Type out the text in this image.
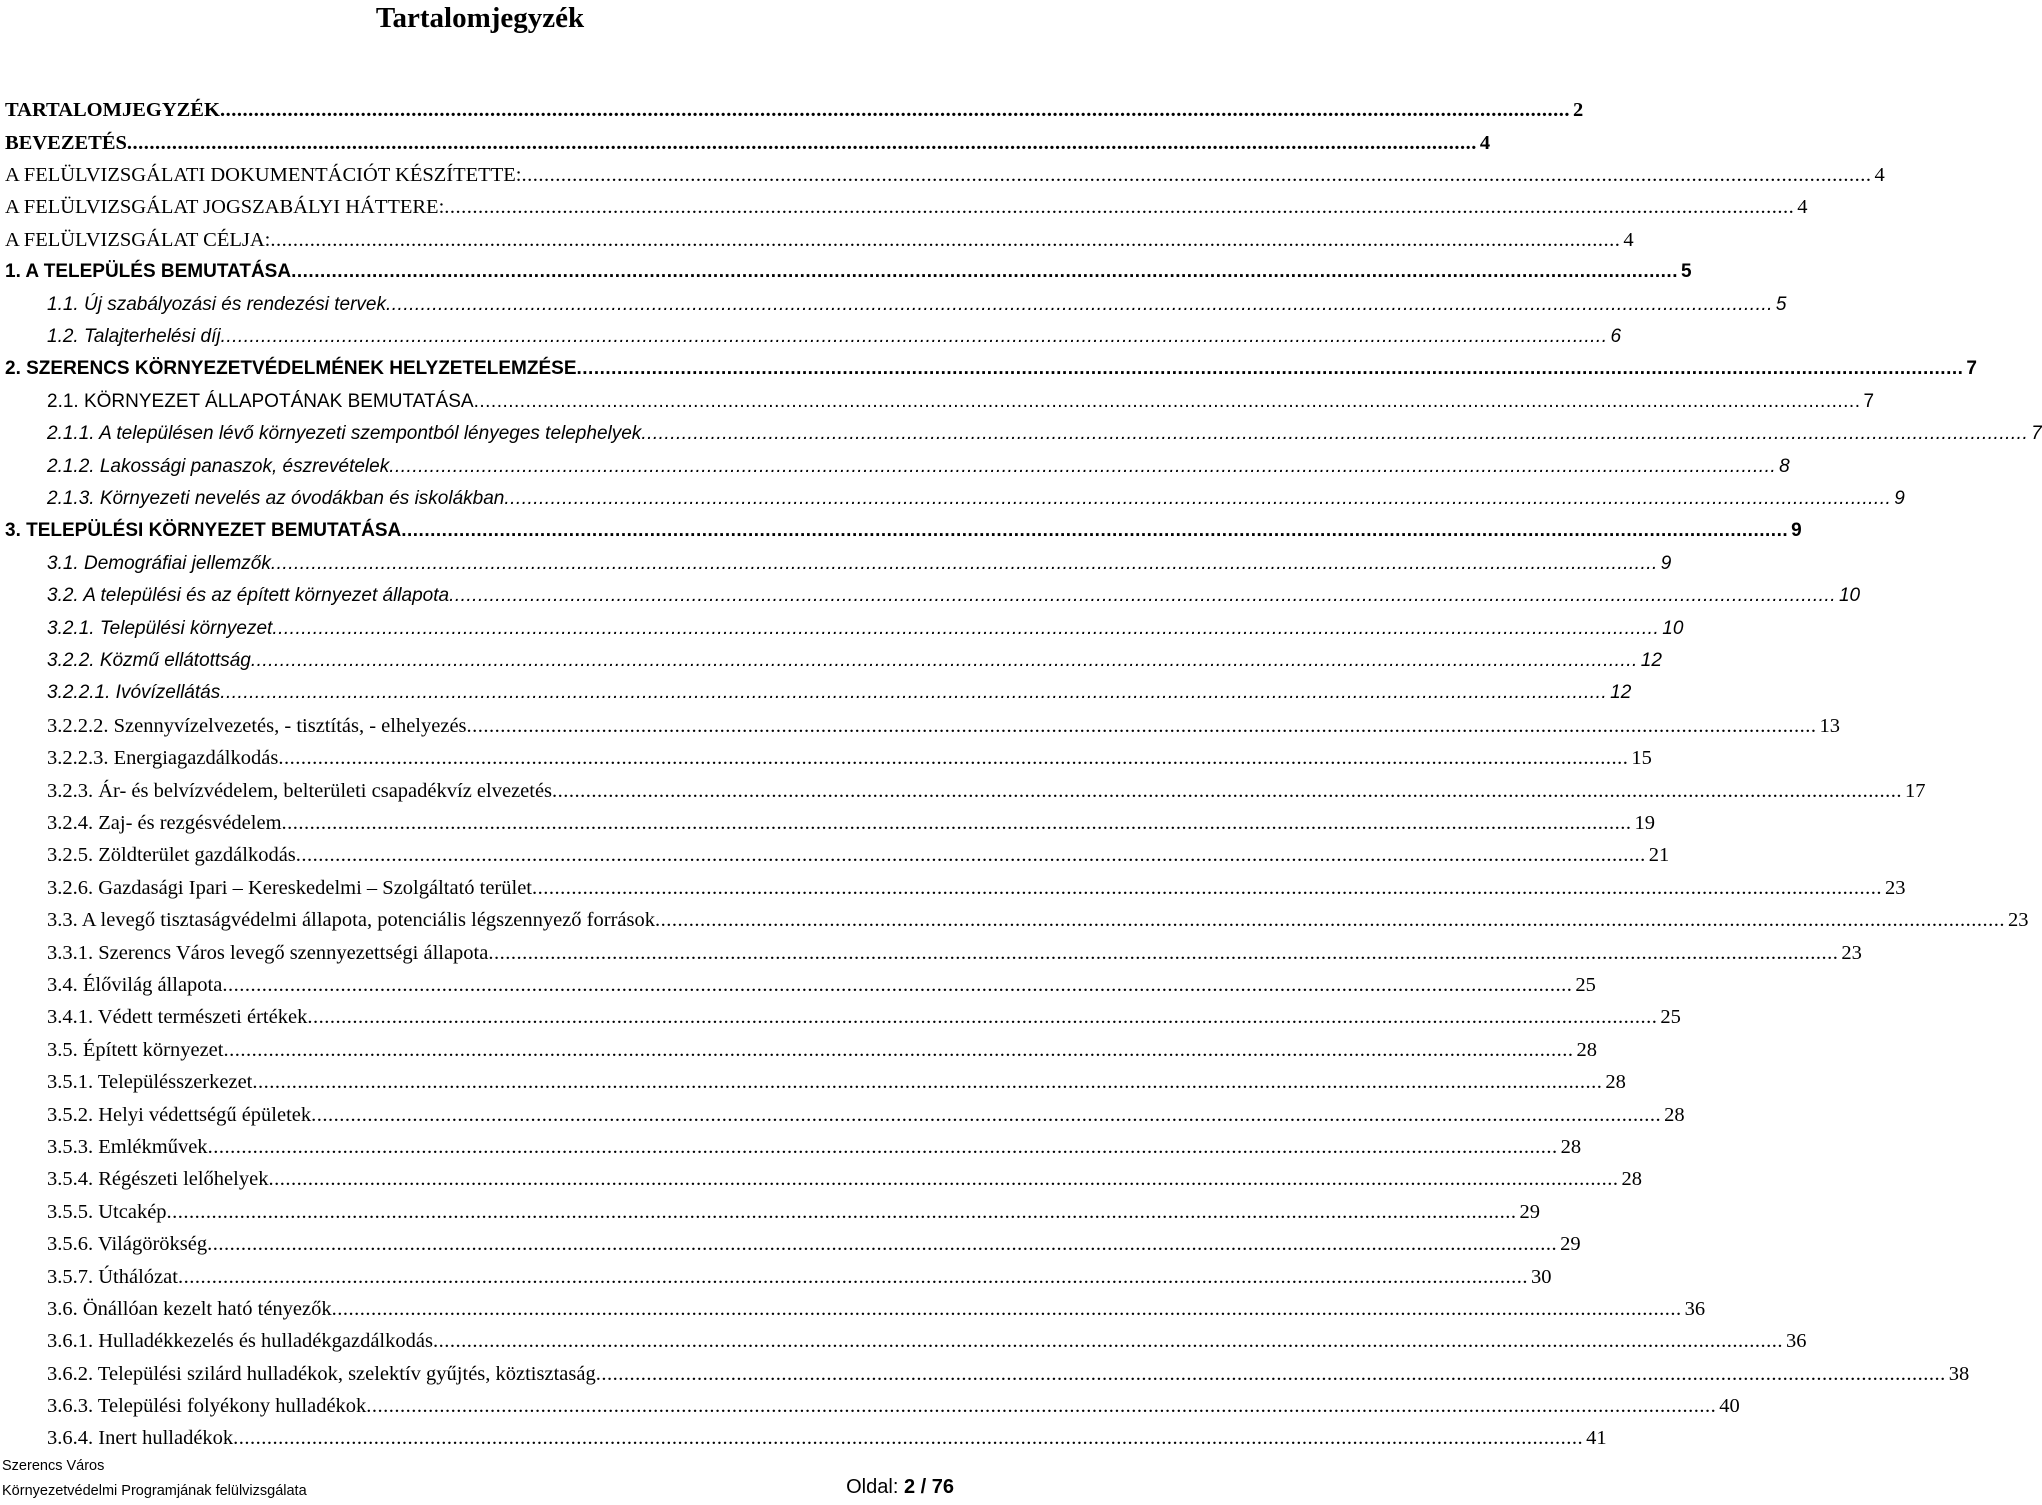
Tartalomjegyzék
TARTALOMJEGYZÉK .....	2
BEVEZETÉS .....	4
A FELÜLVIZSGÁLATI DOKUMENTÁCIÓT KÉSZÍTETTE: .....	4
A FELÜLVIZSGÁLAT JOGSZABÁLYI HÁTTERE: .....	4
A FELÜLVIZSGÁLAT CÉLJA: .....	4
1. A TELEPÜLÉS BEMUTATÁSA .....	5
1.1. Új szabályozási és rendezési tervek .....	5
1.2. Talajterhelési díj .....	6
2. SZERENCS KÖRNYEZETVÉDELMÉNEK HELYZETELEMZÉSE .....	7
2.1. KÖRNYEZET ÁLLAPOTÁNAK BEMUTATÁSA .....	7
2.1.1. A településen lévő környezeti szempontból lényeges telephelyek .....	7
2.1.2. Lakossági panaszok, észrevételek .....	8
2.1.3. Környezeti nevelés az óvodákban és iskolákban .....	9
3. TELEPÜLÉSI KÖRNYEZET BEMUTATÁSA .....	9
3.1. Demográfiai jellemzők .....	9
3.2. A települési és az épített környezet állapota .....	10
3.2.1. Települési környezet .....	10
3.2.2. Közmű ellátottság .....	12
3.2.2.1. Ivóvízellátás .....	12
3.2.2.2. Szennyvízelvezetés, - tisztítás, - elhelyezés .....	13
3.2.2.3. Energiagazdálkodás .....	15
3.2.3. Ár- és belvízvédelem, belterületi csapadékvíz elvezetés .....	17
3.2.4. Zaj- és rezgésvédelem .....	19
3.2.5. Zöldterület gazdálkodás .....	21
3.2.6. Gazdasági Ipari – Kereskedelmi – Szolgáltató terület .....	23
3.3. A levegő tisztaságvédelmi állapota, potenciális légszennyező források .....	23
3.3.1. Szerencs Város levegő szennyezettségi állapota .....	23
3.4. Élővilág állapota .....	25
3.4.1. Védett természeti értékek .....	25
3.5. Épített környezet .....	28
3.5.1. Településszerkezet .....	28
3.5.2. Helyi védettségű épületek .....	28
3.5.3. Emlékművek .....	28
3.5.4. Régészeti lelőhelyek .....	28
3.5.5. Utcakép .....	29
3.5.6. Világörökség .....	29
3.5.7. Úthálózat .....	30
3.6. Önállóan kezelt ható tényezők .....	36
3.6.1. Hulladékkezelés és hulladékgazdálkodás .....	36
3.6.2. Települési szilárd hulladékok, szelektív gyűjtés, köztisztaság .....	38
3.6.3. Települési folyékony hulladékok .....	40
3.6.4. Inert hulladékok .....	41
Szerencs Város
Környezetvédelmi Programjának felülvizsgálata	Oldal: 2 / 76
